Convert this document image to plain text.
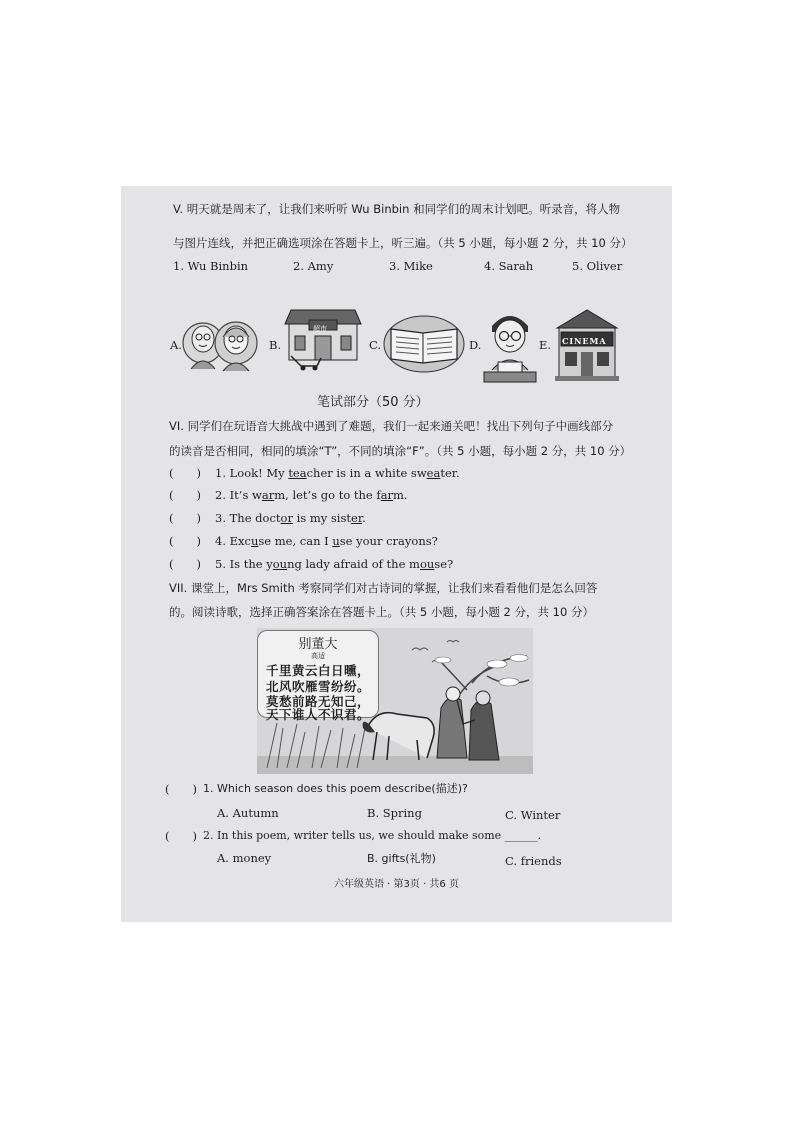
V. 明天就是周末了，让我们来听听 Wu Binbin 和同学们的周末计划吧。听录音，将人物
与图片连线，并把正确选项涂在答题卡上，听三遍。（共 5 小题，每小题 2 分，共 10 分）
1. Wu Binbin	2. Amy	3. Mike	4. Sarah	5. Oliver
A.	B.	C.	D.	E.
超市
CINEMA
笔试部分（50 分）
VI. 同学们在玩语音大挑战中遇到了难题，我们一起来通关吧！找出下列句子中画线部分
的读音是否相同，相同的填涂“T”，不同的填涂“F”。（共 5 小题，每小题 2 分，共 10 分）
(　　) 1. Look! My teacher is in a white sweater.
(　　) 2. It’s warm, let’s go to the farm.
(　　) 3. The doctor is my sister.
(　　) 4. Excuse me, can I use your crayons?
(　　) 5. Is the young lady afraid of the mouse?
VII. 课堂上，Mrs Smith 考察同学们对古诗词的掌握，让我们来看看他们是怎么回答
的。阅读诗歌，选择正确答案涂在答题卡上。（共 5 小题，每小题 2 分，共 10 分）
别董大
高适
千里黄云白日曛，
北风吹雁雪纷纷。
莫愁前路无知己，
天下谁人不识君。
(　　) 1. Which season does this poem describe(描述)?
A. Autumn	B. Spring	C. Winter
(　　) 2. In this poem, writer tells us, we should make some ______.
A. money	B. gifts(礼物)	C. friends
六年级英语 · 第3页 · 共6 页
